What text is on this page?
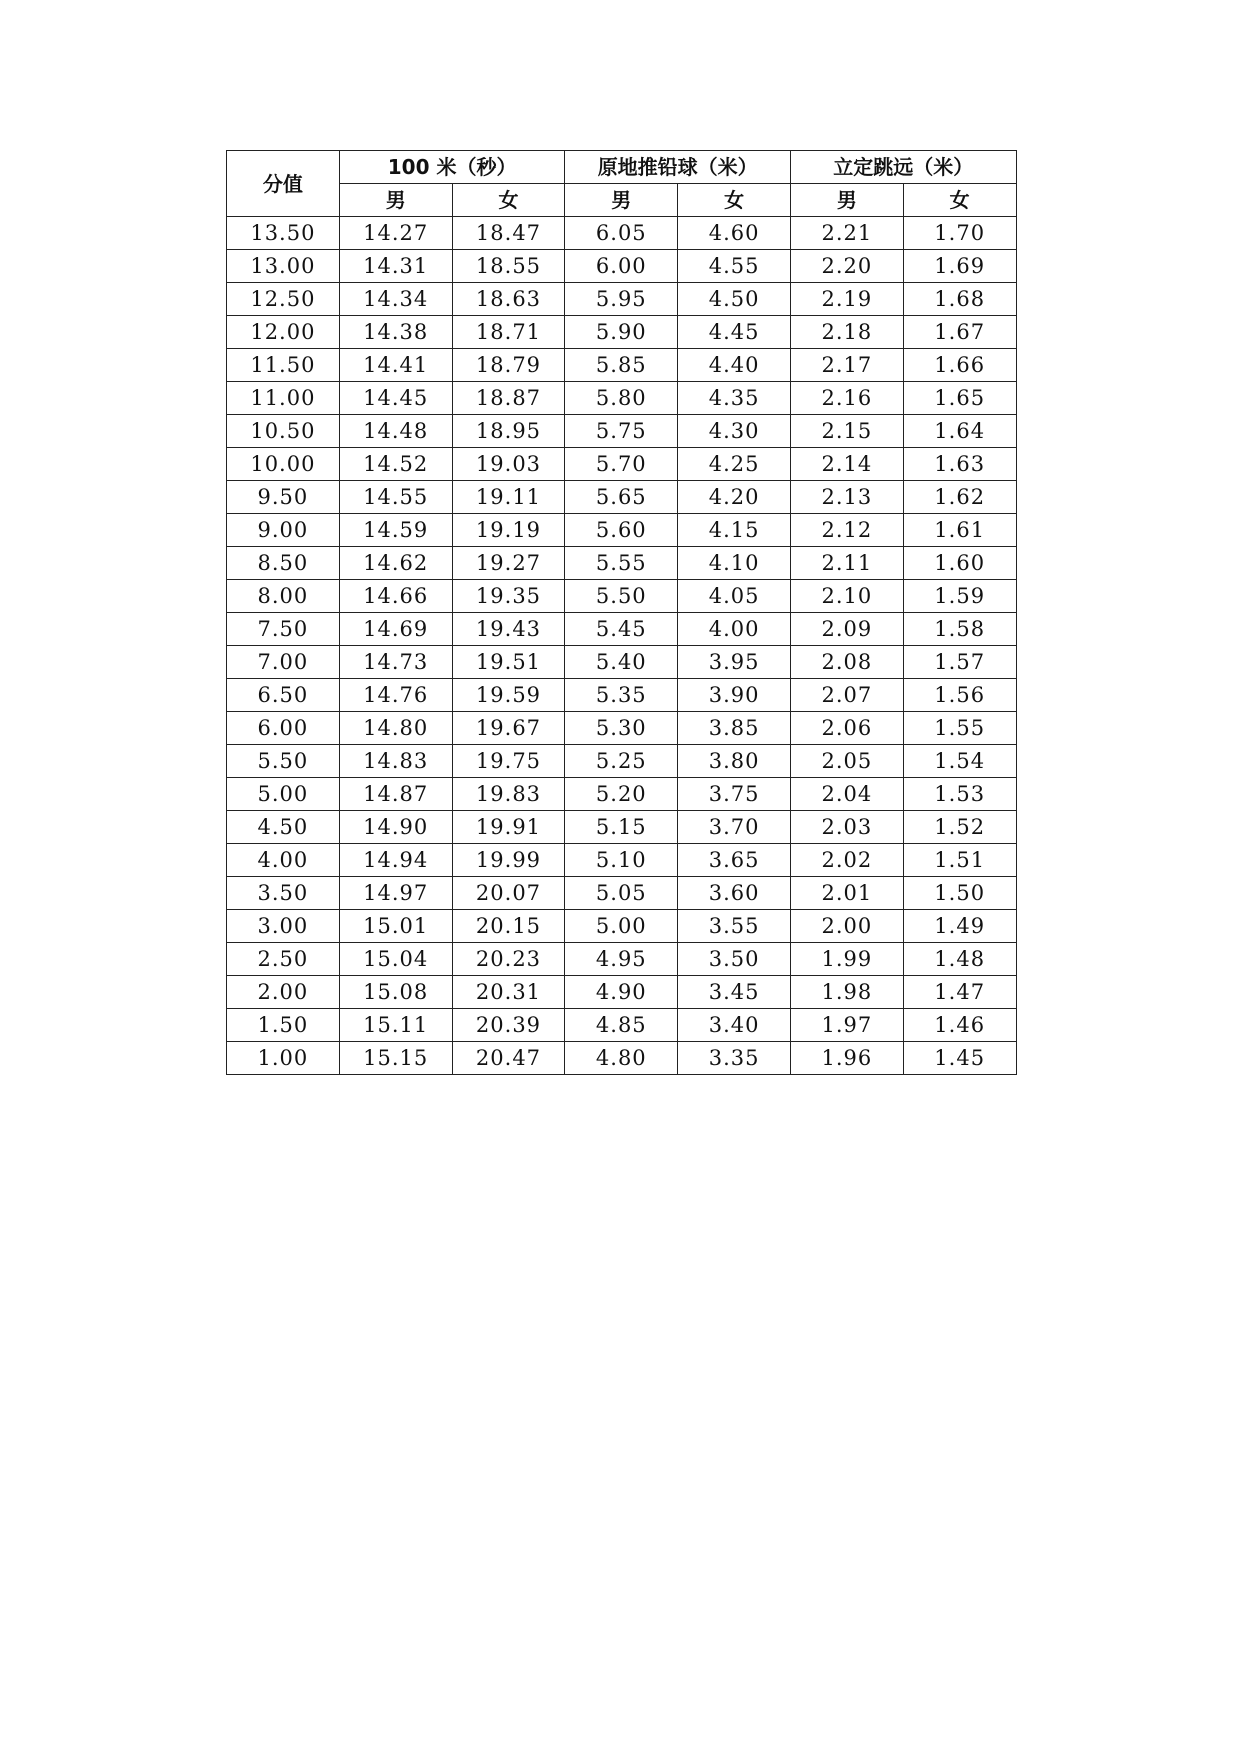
分值	100 米（秒）		原地推铅球（米）		立定跳远（米）	
	男	女	男	女	男	女
13.50	14.27	18.47	6.05	4.60	2.21	1.70
13.00	14.31	18.55	6.00	4.55	2.20	1.69
12.50	14.34	18.63	5.95	4.50	2.19	1.68
12.00	14.38	18.71	5.90	4.45	2.18	1.67
11.50	14.41	18.79	5.85	4.40	2.17	1.66
11.00	14.45	18.87	5.80	4.35	2.16	1.65
10.50	14.48	18.95	5.75	4.30	2.15	1.64
10.00	14.52	19.03	5.70	4.25	2.14	1.63
9.50	14.55	19.11	5.65	4.20	2.13	1.62
9.00	14.59	19.19	5.60	4.15	2.12	1.61
8.50	14.62	19.27	5.55	4.10	2.11	1.60
8.00	14.66	19.35	5.50	4.05	2.10	1.59
7.50	14.69	19.43	5.45	4.00	2.09	1.58
7.00	14.73	19.51	5.40	3.95	2.08	1.57
6.50	14.76	19.59	5.35	3.90	2.07	1.56
6.00	14.80	19.67	5.30	3.85	2.06	1.55
5.50	14.83	19.75	5.25	3.80	2.05	1.54
5.00	14.87	19.83	5.20	3.75	2.04	1.53
4.50	14.90	19.91	5.15	3.70	2.03	1.52
4.00	14.94	19.99	5.10	3.65	2.02	1.51
3.50	14.97	20.07	5.05	3.60	2.01	1.50
3.00	15.01	20.15	5.00	3.55	2.00	1.49
2.50	15.04	20.23	4.95	3.50	1.99	1.48
2.00	15.08	20.31	4.90	3.45	1.98	1.47
1.50	15.11	20.39	4.85	3.40	1.97	1.46
1.00	15.15	20.47	4.80	3.35	1.96	1.45
